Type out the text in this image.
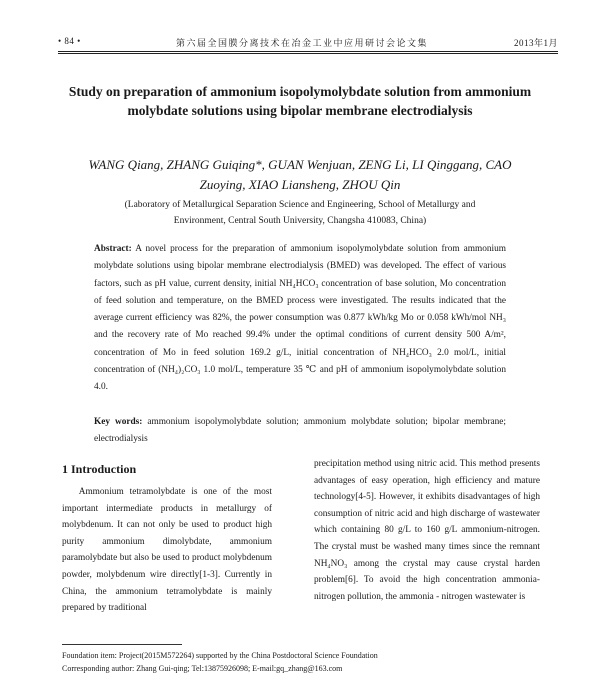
• 84 •	第六届全国膜分离技术在冶金工业中应用研讨会论文集	2013年1月
Study on preparation of ammonium isopolymolybdate solution from ammonium molybdate solutions using bipolar membrane electrodialysis
WANG Qiang, ZHANG Guiqing*, GUAN Wenjuan, ZENG Li, LI Qinggang, CAO Zuoying, XIAO Liansheng, ZHOU Qin
(Laboratory of Metallurgical Separation Science and Engineering, School of Metallurgy and Environment, Central South University, Changsha 410083, China)
Abstract: A novel process for the preparation of ammonium isopolymolybdate solution from ammonium molybdate solutions using bipolar membrane electrodialysis (BMED) was developed. The effect of various factors, such as pH value, current density, initial NH₄HCO₃ concentration of base solution, Mo concentration of feed solution and temperature, on the BMED process were investigated. The results indicated that the average current efficiency was 82%, the power consumption was 0.877 kWh/kg Mo or 0.058 kWh/mol NH₃ and the recovery rate of Mo reached 99.4% under the optimal conditions of current density 500 A/m², concentration of Mo in feed solution 169.2 g/L, initial concentration of NH₄HCO₃ 2.0 mol/L, initial concentration of (NH₄)₂CO₃ 1.0 mol/L, temperature 35 ℃ and pH of ammonium isopolymolybdate solution 4.0.
Key words: ammonium isopolymolybdate solution; ammonium molybdate solution; bipolar membrane; electrodialysis
1 Introduction
Ammonium tetramolybdate is one of the most important intermediate products in metallurgy of molybdenum. It can not only be used to product high purity ammonium dimolybdate, ammonium paramolybdate but also be used to product molybdenum powder, molybdenum wire directly[1-3]. Currently in China, the ammonium tetramolybdate is mainly prepared by traditional
precipitation method using nitric acid. This method presents advantages of easy operation, high efficiency and mature technology[4-5]. However, it exhibits disadvantages of high consumption of nitric acid and high discharge of wastewater which containing 80 g/L to 160 g/L ammonium-nitrogen. The crystal must be washed many times since the remnant NH₄NO₃ among the crystal may cause crystal harden problem[6]. To avoid the high concentration ammonia-nitrogen pollution, the ammonia - nitrogen wastewater is
Foundation item: Project(2015M572264) supported by the China Postdoctoral Science Foundation
Corresponding author: Zhang Gui-qing; Tel:13875926098; E-mail:gq_zhang@163.com
